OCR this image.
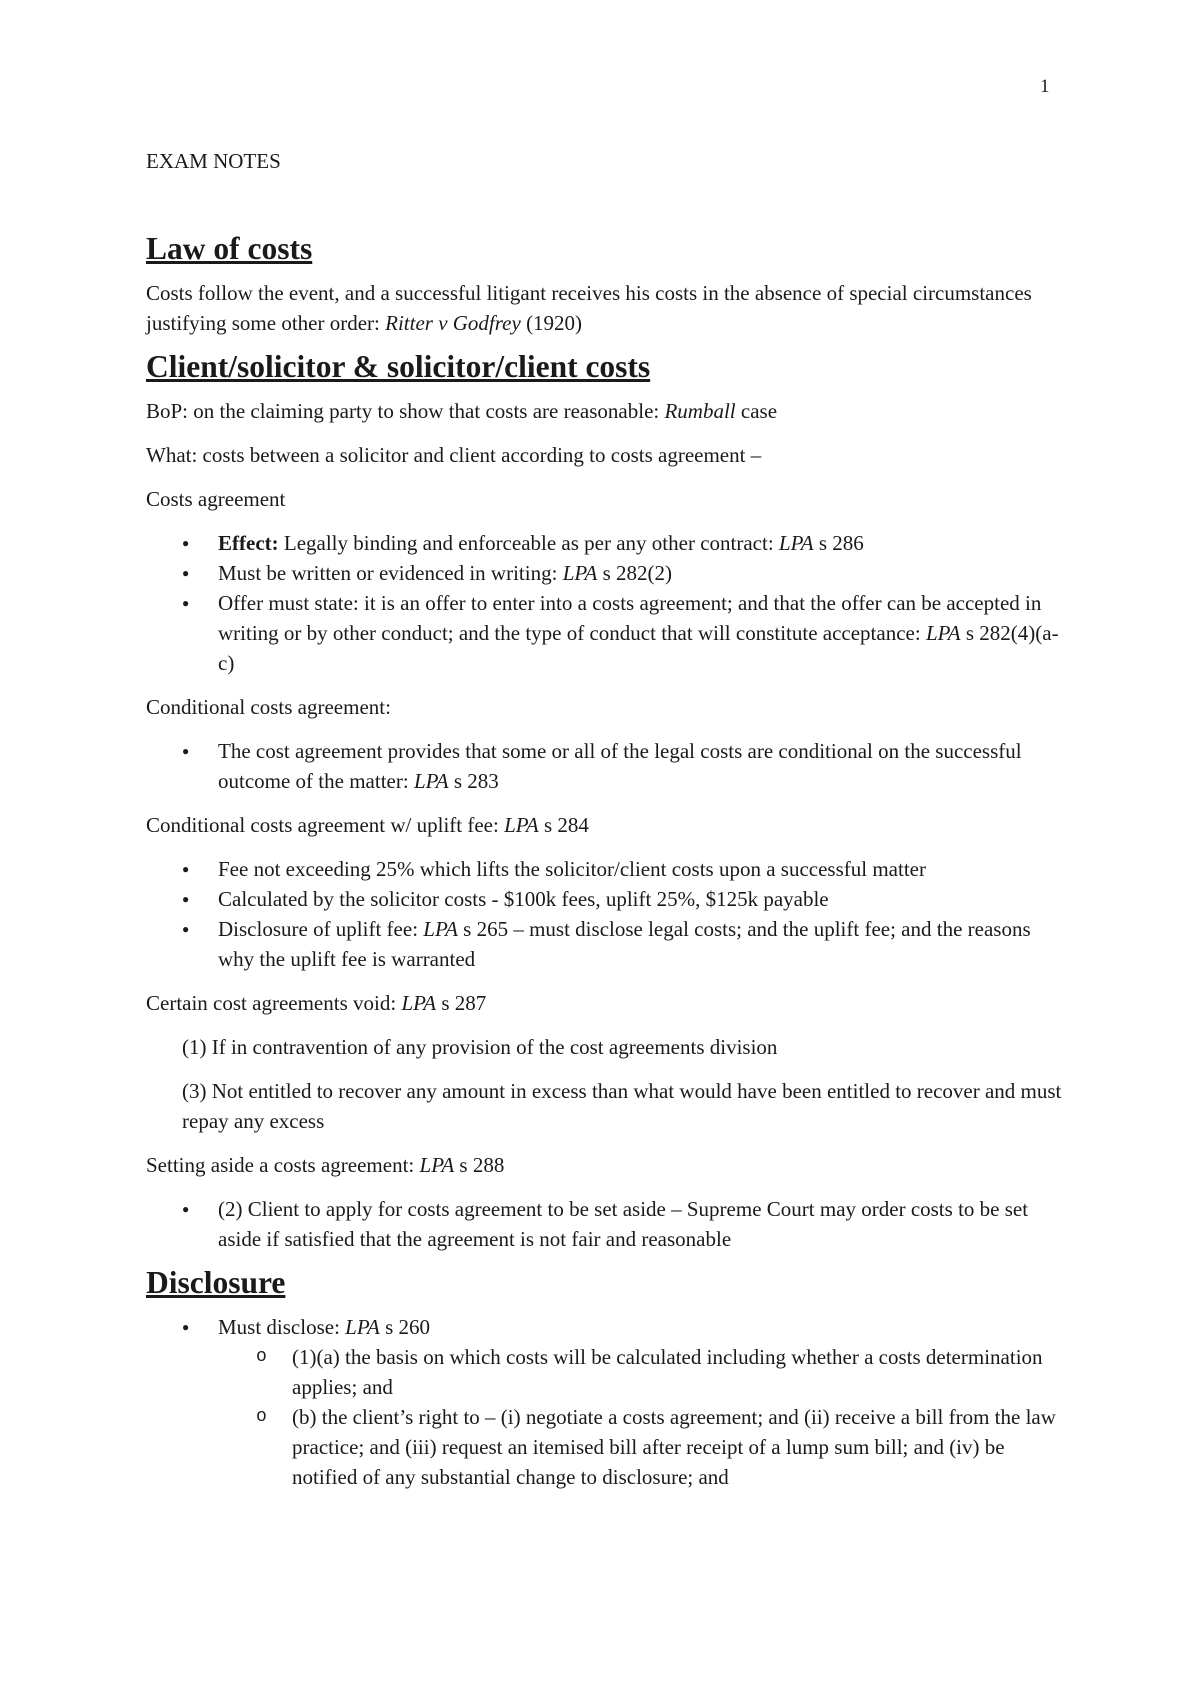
1
EXAM NOTES
Law of costs

Costs follow the event, and a successful litigant receives his costs in the absence of special circumstances justifying some other order: Ritter v Godfrey (1920)

Client/solicitor & solicitor/client costs

BoP: on the claiming party to show that costs are reasonable: Rumball case

What: costs between a solicitor and client according to costs agreement –

Costs agreement

● Effect: Legally binding and enforceable as per any other contract: LPA s 286
● Must be written or evidenced in writing: LPA s 282(2)
● Offer must state: it is an offer to enter into a costs agreement; and that the offer can be accepted in writing or by other conduct; and the type of conduct that will constitute acceptance: LPA s 282(4)(a-c)

Conditional costs agreement:

● The cost agreement provides that some or all of the legal costs are conditional on the successful outcome of the matter: LPA s 283

Conditional costs agreement w/ uplift fee: LPA s 284

● Fee not exceeding 25% which lifts the solicitor/client costs upon a successful matter
● Calculated by the solicitor costs - $100k fees, uplift 25%, $125k payable
● Disclosure of uplift fee: LPA s 265 – must disclose legal costs; and the uplift fee; and the reasons why the uplift fee is warranted

Certain cost agreements void: LPA s 287

(1) If in contravention of any provision of the cost agreements division

(3) Not entitled to recover any amount in excess than what would have been entitled to recover and must repay any excess

Setting aside a costs agreement: LPA s 288

● (2) Client to apply for costs agreement to be set aside – Supreme Court may order costs to be set aside if satisfied that the agreement is not fair and reasonable
Disclosure
● Must disclose: LPA s 260
o (1)(a) the basis on which costs will be calculated including whether a costs determination applies; and
o (b) the client’s right to – (i) negotiate a costs agreement; and (ii) receive a bill from the law practice; and (iii) request an itemised bill after receipt of a lump sum bill; and (iv) be notified of any substantial change to disclosure; and
